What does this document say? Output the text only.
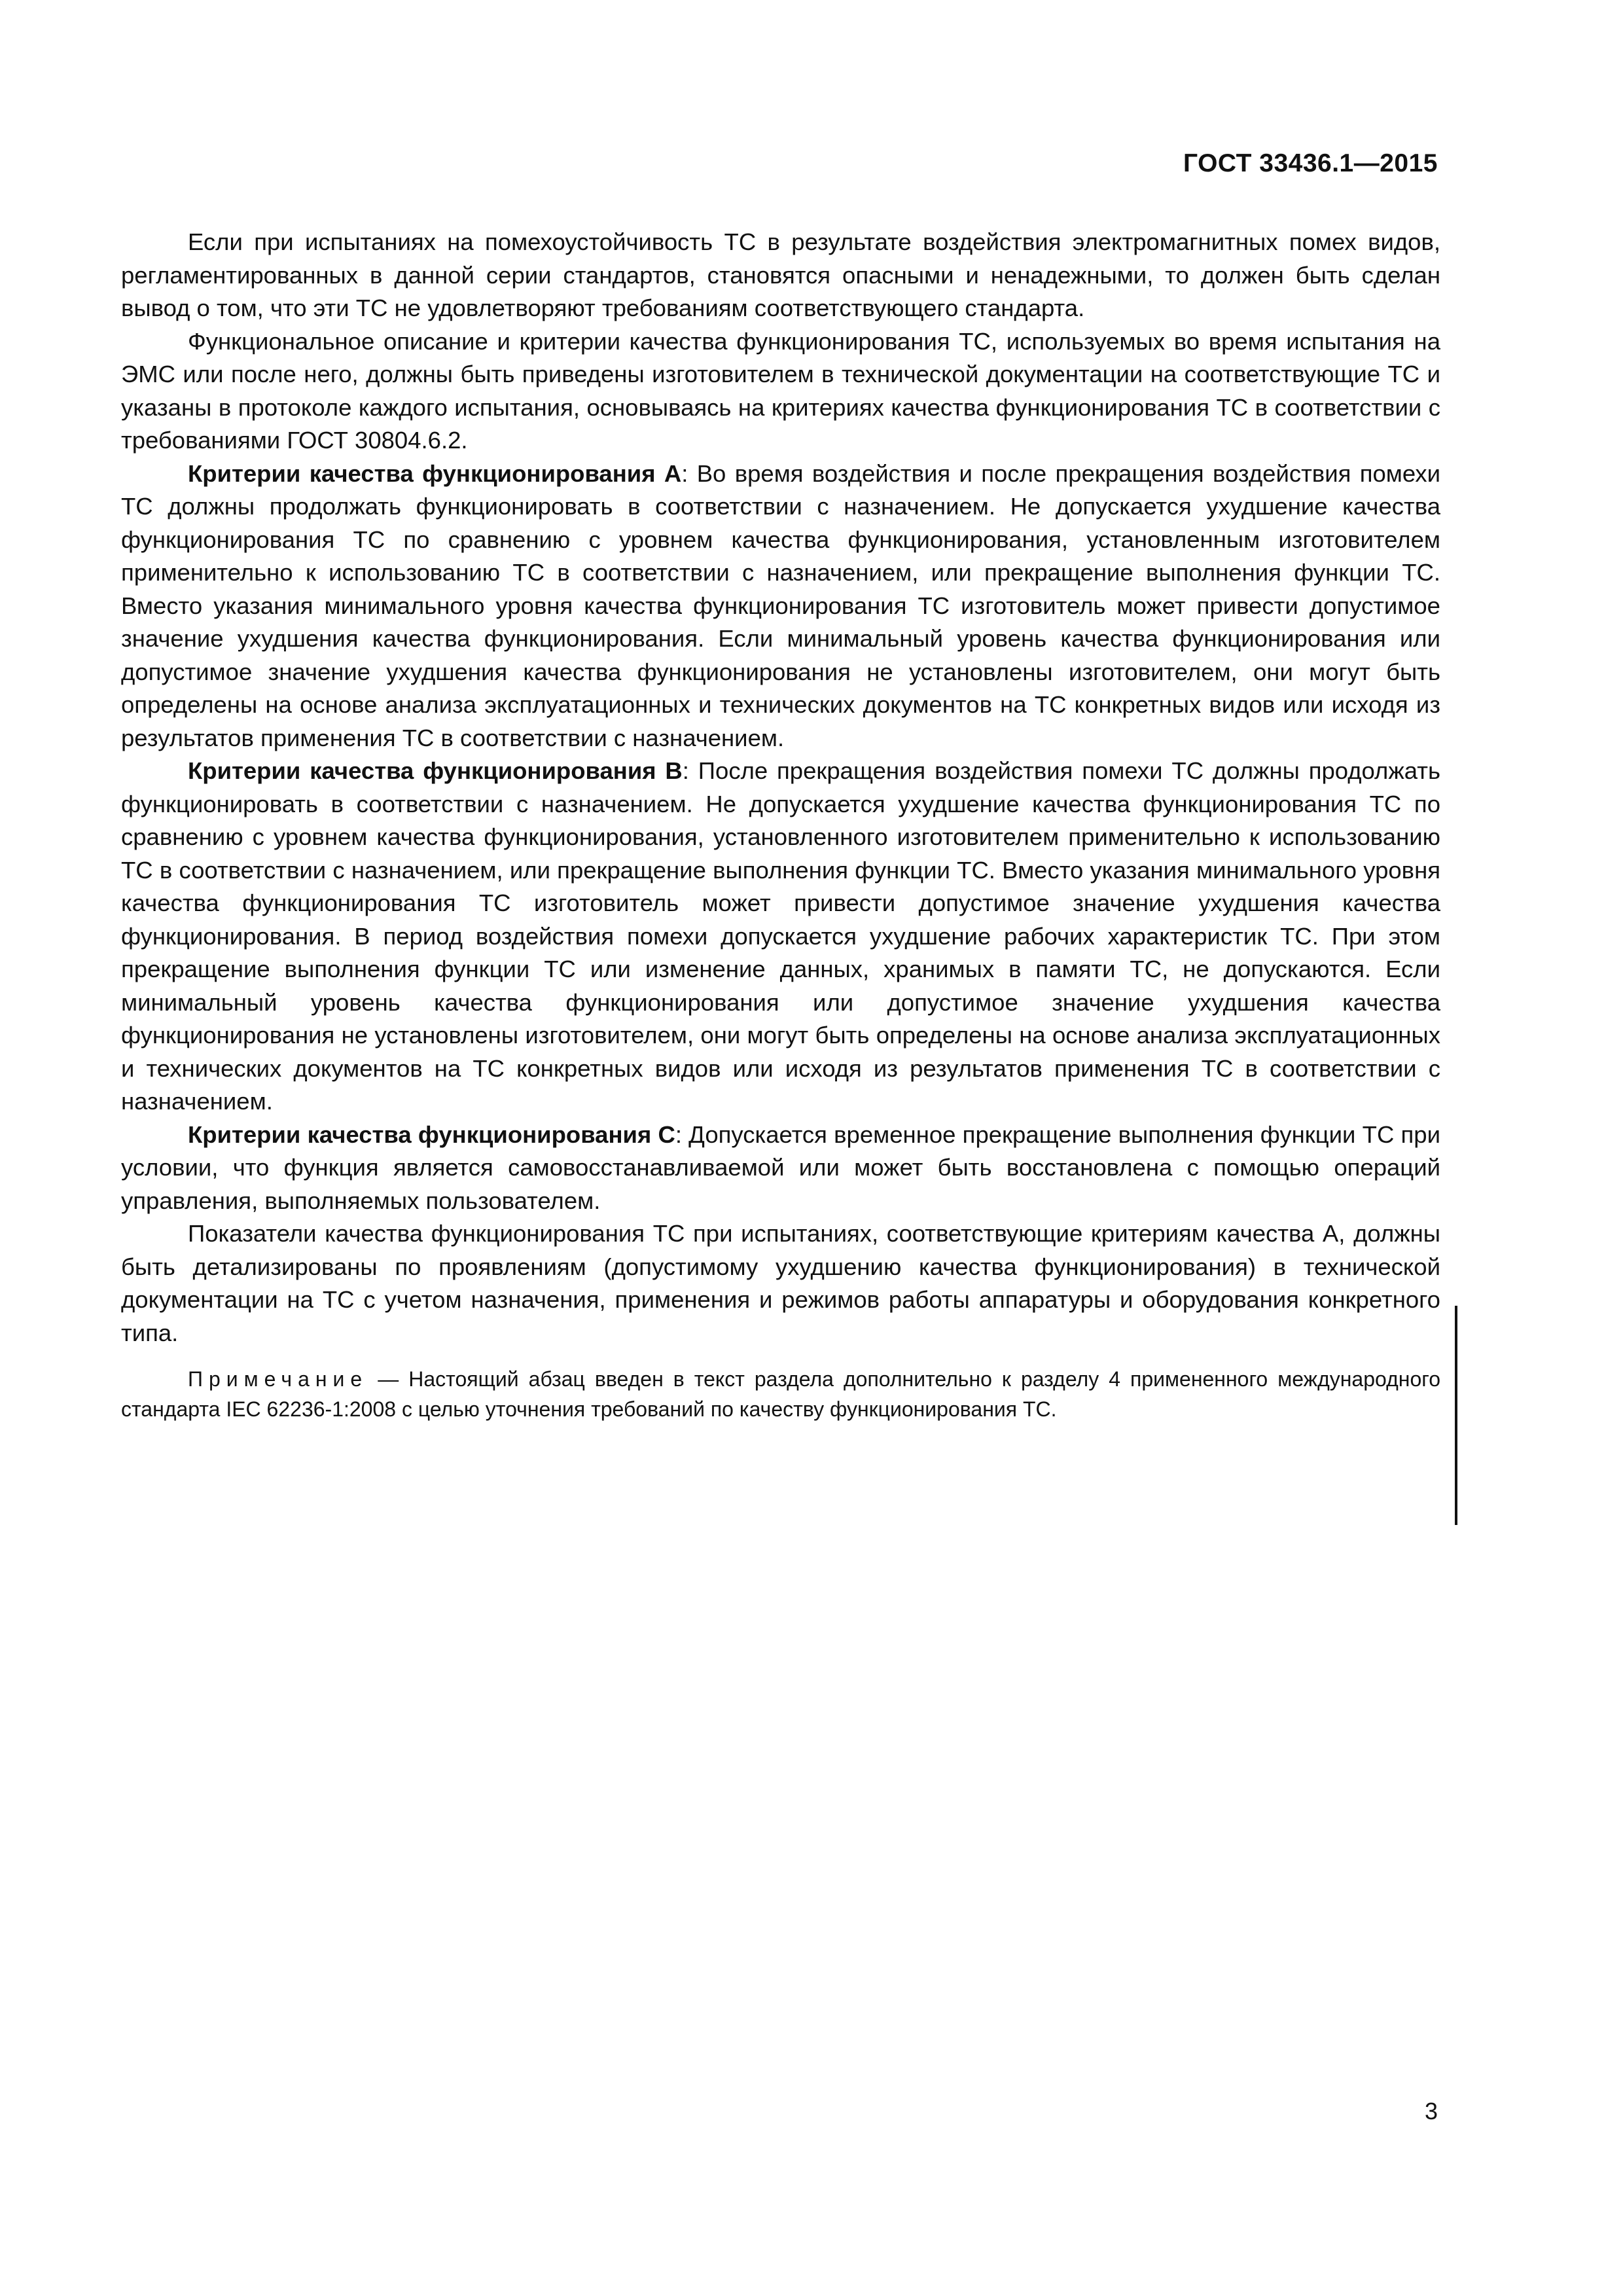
ГОСТ 33436.1—2015

Если при испытаниях на помехоустойчивость ТС в результате воздействия электромагнитных помех видов, регламентированных в данной серии стандартов, становятся опасными и ненадежными, то должен быть сделан вывод о том, что эти ТС не удовлетворяют требованиям соответствующего стандарта.

Функциональное описание и критерии качества функционирования ТС, используемых во время испытания на ЭМС или после него, должны быть приведены изготовителем в технической документации на соответствующие ТС и указаны в протоколе каждого испытания, основываясь на критериях качества функционирования ТС в соответствии с требованиями ГОСТ 30804.6.2.

Критерии качества функционирования А: Во время воздействия и после прекращения воздействия помехи ТС должны продолжать функционировать в соответствии с назначением. Не допускается ухудшение качества функционирования ТС по сравнению с уровнем качества функционирования, установленным изготовителем применительно к использованию ТС в соответствии с назначением, или прекращение выполнения функции ТС. Вместо указания минимального уровня качества функционирования ТС изготовитель может привести допустимое значение ухудшения качества функционирования. Если минимальный уровень качества функционирования или допустимое значение ухудшения качества функционирования не установлены изготовителем, они могут быть определены на основе анализа эксплуатационных и технических документов на ТС конкретных видов или исходя из результатов применения ТС в соответствии с назначением.

Критерии качества функционирования В: После прекращения воздействия помехи ТС должны продолжать функционировать в соответствии с назначением. Не допускается ухудшение качества функционирования ТС по сравнению с уровнем качества функционирования, установленного изготовителем применительно к использованию ТС в соответствии с назначением, или прекращение выполнения функции ТС. Вместо указания минимального уровня качества функционирования ТС изготовитель может привести допустимое значение ухудшения качества функционирования. В период воздействия помехи допускается ухудшение рабочих характеристик ТС. При этом прекращение выполнения функции ТС или изменение данных, хранимых в памяти ТС, не допускаются. Если минимальный уровень качества функционирования или допустимое значение ухудшения качества функционирования не установлены изготовителем, они могут быть определены на основе анализа эксплуатационных и технических документов на ТС конкретных видов или исходя из результатов применения ТС в соответствии с назначением.

Критерии качества функционирования С: Допускается временное прекращение выполнения функции ТС при условии, что функция является самовосстанавливаемой или может быть восстановлена с помощью операций управления, выполняемых пользователем.

Показатели качества функционирования ТС при испытаниях, соответствующие критериям качества А, должны быть детализированы по проявлениям (допустимому ухудшению качества функционирования) в технической документации на ТС с учетом назначения, применения и режимов работы аппаратуры и оборудования конкретного типа.

Примечание — Настоящий абзац введен в текст раздела дополнительно к разделу 4 примененного международного стандарта IEC 62236-1:2008 с целью уточнения требований по качеству функционирования ТС.

3
